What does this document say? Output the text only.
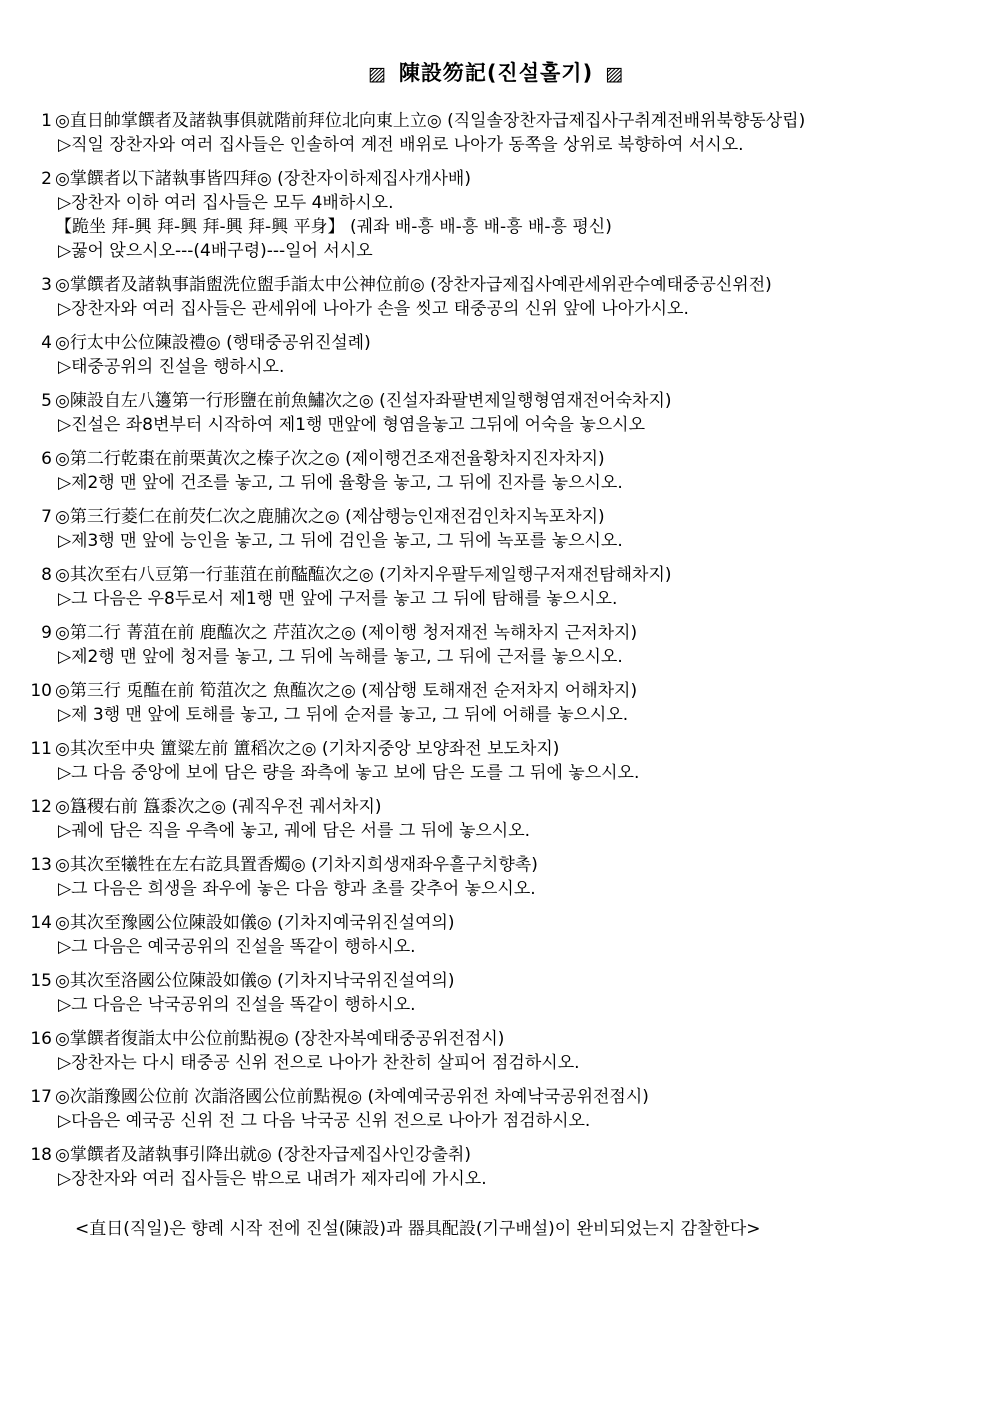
▨ 陳設笏記(진설홀기) ▨
1 ◎直日帥掌饌者及諸執事俱就階前拜位北向東上立◎ (직일솔장찬자급제집사구취계전배위북향동상립)
▷직일 장찬자와 여러 집사들은 인솔하여 계전 배위로 나아가 동쪽을 상위로 북향하여 서시오.
2 ◎掌饌者以下諸執事皆四拜◎ (장찬자이하제집사개사배)
▷장찬자 이하 여러 집사들은 모두 4배하시오.
【跪坐 拜-興 拜-興 拜-興 拜-興 平身】 (궤좌 배-흥 배-흥 배-흥 배-흥 평신)
▷꿇어 앉으시오---(4배구령)---일어 서시오
3 ◎掌饌者及諸執事詣盥洗位盥手詣太中公神位前◎ (장찬자급제집사예관세위관수예태중공신위전)
▷장찬자와 여러 집사들은 관세위에 나아가 손을 씻고 태중공의 신위 앞에 나아가시오.
4 ◎行太中公位陳設禮◎ (행태중공위진설례)
▷태중공위의 진설을 행하시오.
5 ◎陳設自左八籩第一行形鹽在前魚鱐次之◎ (진설자좌팔변제일행형염재전어숙차지)
▷진설은 좌8변부터 시작하여 제1행 맨앞에 형염을놓고 그뒤에 어숙을 놓으시오
6 ◎第二行乾棗在前栗黃次之榛子次之◎ (제이행건조재전율황차지진자차지)
▷제2행 맨 앞에 건조를 놓고, 그 뒤에 율황을 놓고, 그 뒤에 진자를 놓으시오.
7 ◎第三行菱仁在前芡仁次之鹿脯次之◎ (제삼행능인재전검인차지녹포차지)
▷제3행 맨 앞에 능인을 놓고, 그 뒤에 검인을 놓고, 그 뒤에 녹포를 놓으시오.
8 ◎其次至右八豆第一行韮菹在前醓醢次之◎ (기차지우팔두제일행구저재전탐해차지)
▷그 다음은 우8두로서 제1행 맨 앞에 구저를 놓고 그 뒤에 탐해를 놓으시오.
9 ◎第二行 菁菹在前 鹿醢次之 芹菹次之◎ (제이행 청저재전 녹해차지 근저차지)
▷제2행 맨 앞에 청저를 놓고, 그 뒤에 녹해를 놓고, 그 뒤에 근저를 놓으시오.
10 ◎第三行 兎醢在前 筍菹次之 魚醢次之◎ (제삼행 토해재전 순저차지 어해차지)
▷제 3행 맨 앞에 토해를 놓고, 그 뒤에 순저를 놓고, 그 뒤에 어해를 놓으시오.
11 ◎其次至中央 簠粱左前 簠稻次之◎ (기차지중앙 보양좌전 보도차지)
▷그 다음 중앙에 보에 담은 량을 좌측에 놓고 보에 담은 도를 그 뒤에 놓으시오.
12 ◎簋稷右前 簋黍次之◎ (궤직우전 궤서차지)
▷궤에 담은 직을 우측에 놓고, 궤에 담은 서를 그 뒤에 놓으시오.
13 ◎其次至犧牲在左右訖具置香燭◎ (기차지희생재좌우흘구치향촉)
▷그 다음은 희생을 좌우에 놓은 다음 향과 초를 갖추어 놓으시오.
14 ◎其次至豫國公位陳設如儀◎ (기차지예국위진설여의)
▷그 다음은 예국공위의 진설을 똑같이 행하시오.
15 ◎其次至洛國公位陳設如儀◎ (기차지낙국위진설여의)
▷그 다음은 낙국공위의 진설을 똑같이 행하시오.
16 ◎掌饌者復詣太中公位前點視◎ (장찬자복예태중공위전점시)
▷장찬자는 다시 태중공 신위 전으로 나아가 찬찬히 살피어 점검하시오.
17 ◎次詣豫國公位前 次詣洛國公位前點視◎ (차예예국공위전 차예낙국공위전점시)
▷다음은 예국공 신위 전 그 다음 낙국공 신위 전으로 나아가 점검하시오.
18 ◎掌饌者及諸執事引降出就◎ (장찬자급제집사인강출취)
▷장찬자와 여러 집사들은 밖으로 내려가 제자리에 가시오.
<直日(직일)은 향례 시작 전에 진설(陳設)과 器具配設(기구배설)이 완비되었는지 감찰한다>
